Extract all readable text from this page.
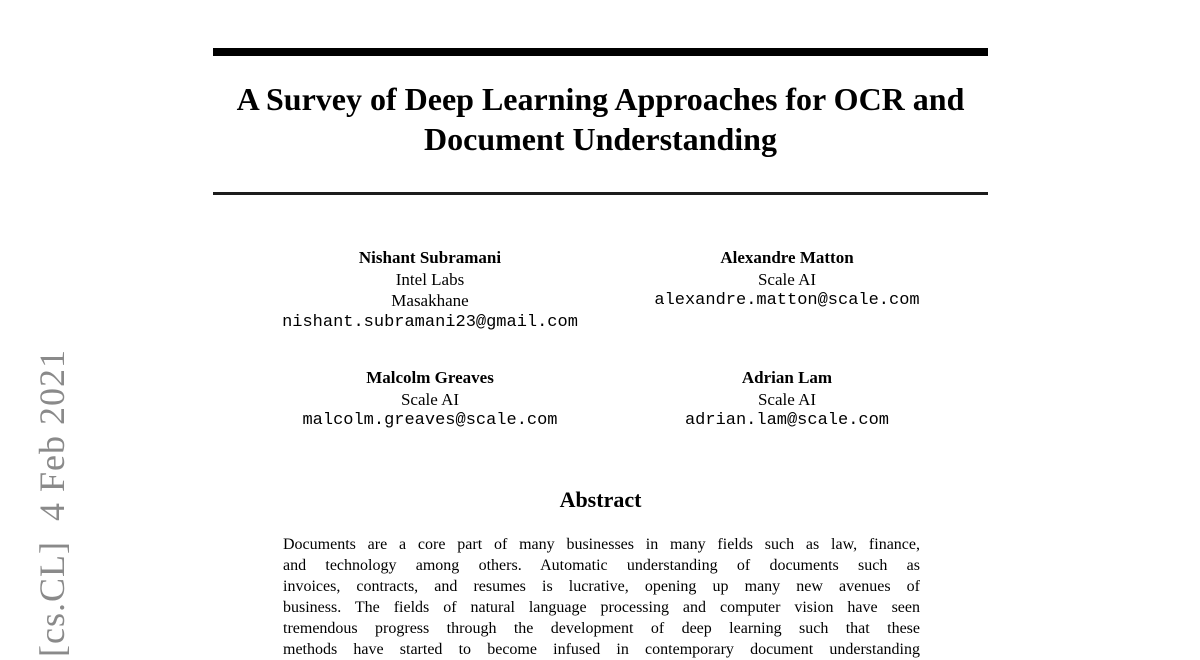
[cs.CL]  4 Feb 2021
A Survey of Deep Learning Approaches for OCR and
Document Understanding
Nishant Subramani
Intel Labs
Masakhane
nishant.subramani23@gmail.com
Alexandre Matton
Scale AI
alexandre.matton@scale.com
Malcolm Greaves
Scale AI
malcolm.greaves@scale.com
Adrian Lam
Scale AI
adrian.lam@scale.com
Abstract
Documents are a core part of many businesses in many fields such as law, finance,
and technology among others. Automatic understanding of documents such as
invoices, contracts, and resumes is lucrative, opening up many new avenues of
business. The fields of natural language processing and computer vision have seen
tremendous progress through the development of deep learning such that these
methods have started to become infused in contemporary document understanding
